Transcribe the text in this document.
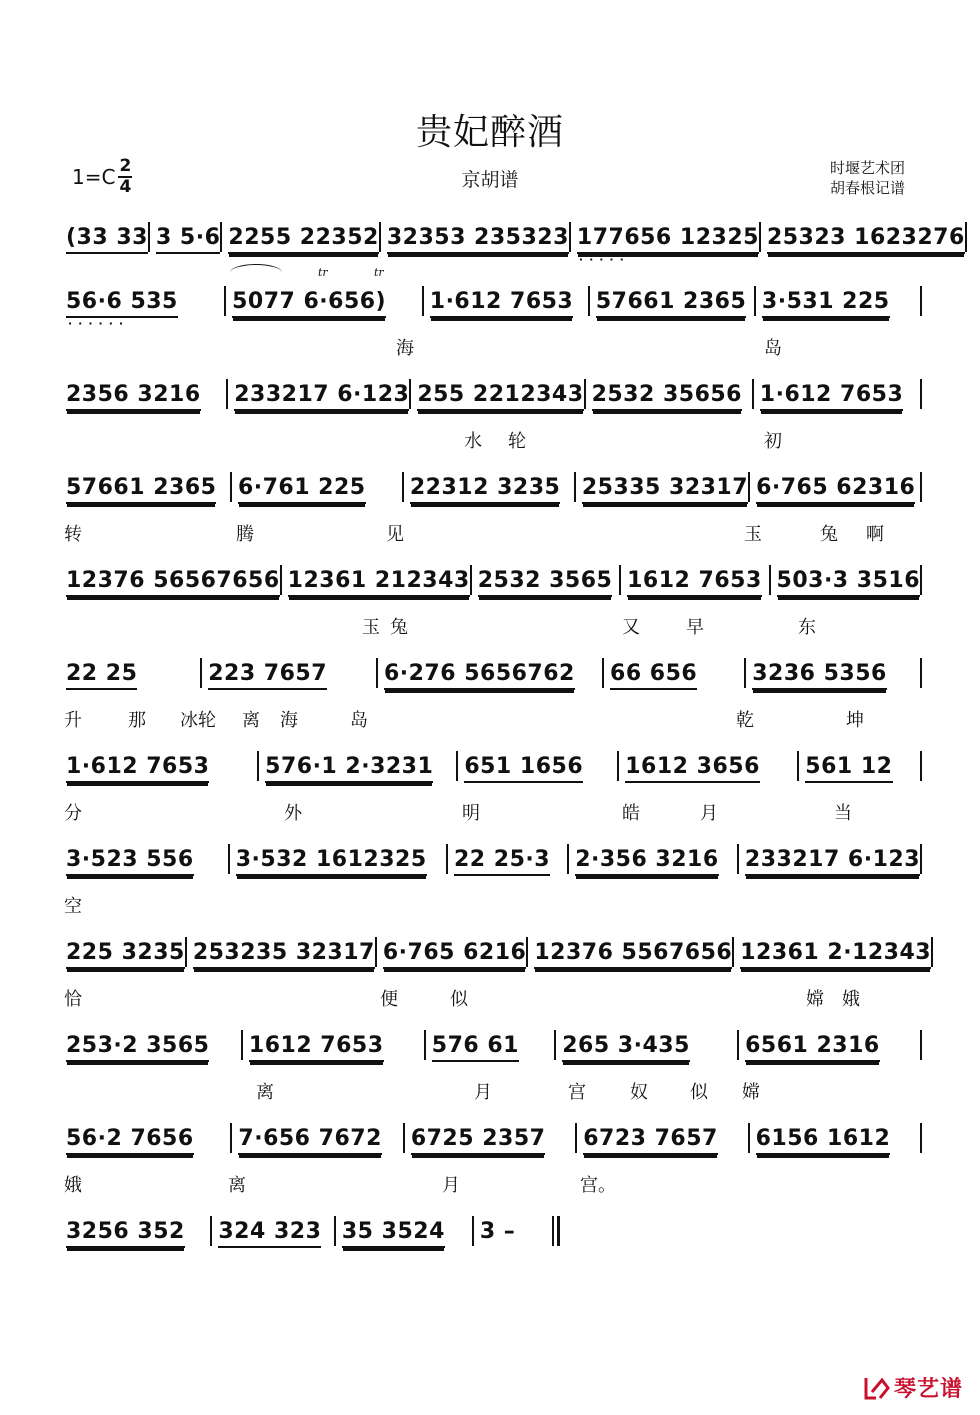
贵妃醉酒
$1=C \frac{2}{4}$	京胡谱
时堰艺术团
胡春根记谱
(33 33 3 5·6 2255 22352 32353 235323 177656 12325
·····
25323 1623276
tr	tr
56·6 535
······
5077 6·656)	1·612 7653	57661 2365 3·531 225
海	岛
2356 3216	233217 6·123 255 2212343 2532 35656 1·612 7653
水 轮	初
57661 2365 6·761 225	22312 3235 25335 32317 6·765 62316
转	腾	见	玉	兔 啊
12376 56567656 12361 212343 2532 3565 1612 7653 503·3 3516
玉 兔	又	早	东
22 25	223 7657	6·276 5656762	66 656	3236 5356
升	那 冰轮 离 海	岛	乾	坤
1·612 7653	576·1 2·3231	651 1656	1612 3656	561 12
分	外	明	皓	月	当
3·523 556	3·532 1612325	22 25·3	2·356 3216	233217 6·123
空
225 3235 253235 32317 6·765 6216 12376 5567656 12361 2·12343
恰	便	似	嫦 娥
253·2 3565	1612 7653	576 61	265 3·435	6561 2316
离	月	宫 奴 似 嫦
56·2 7656	7·656 7672	6725 2357	6723 7657	6156 1612
娥	离	月	宫。
3256 352	324 323 35 3524	3 –
琴艺谱
